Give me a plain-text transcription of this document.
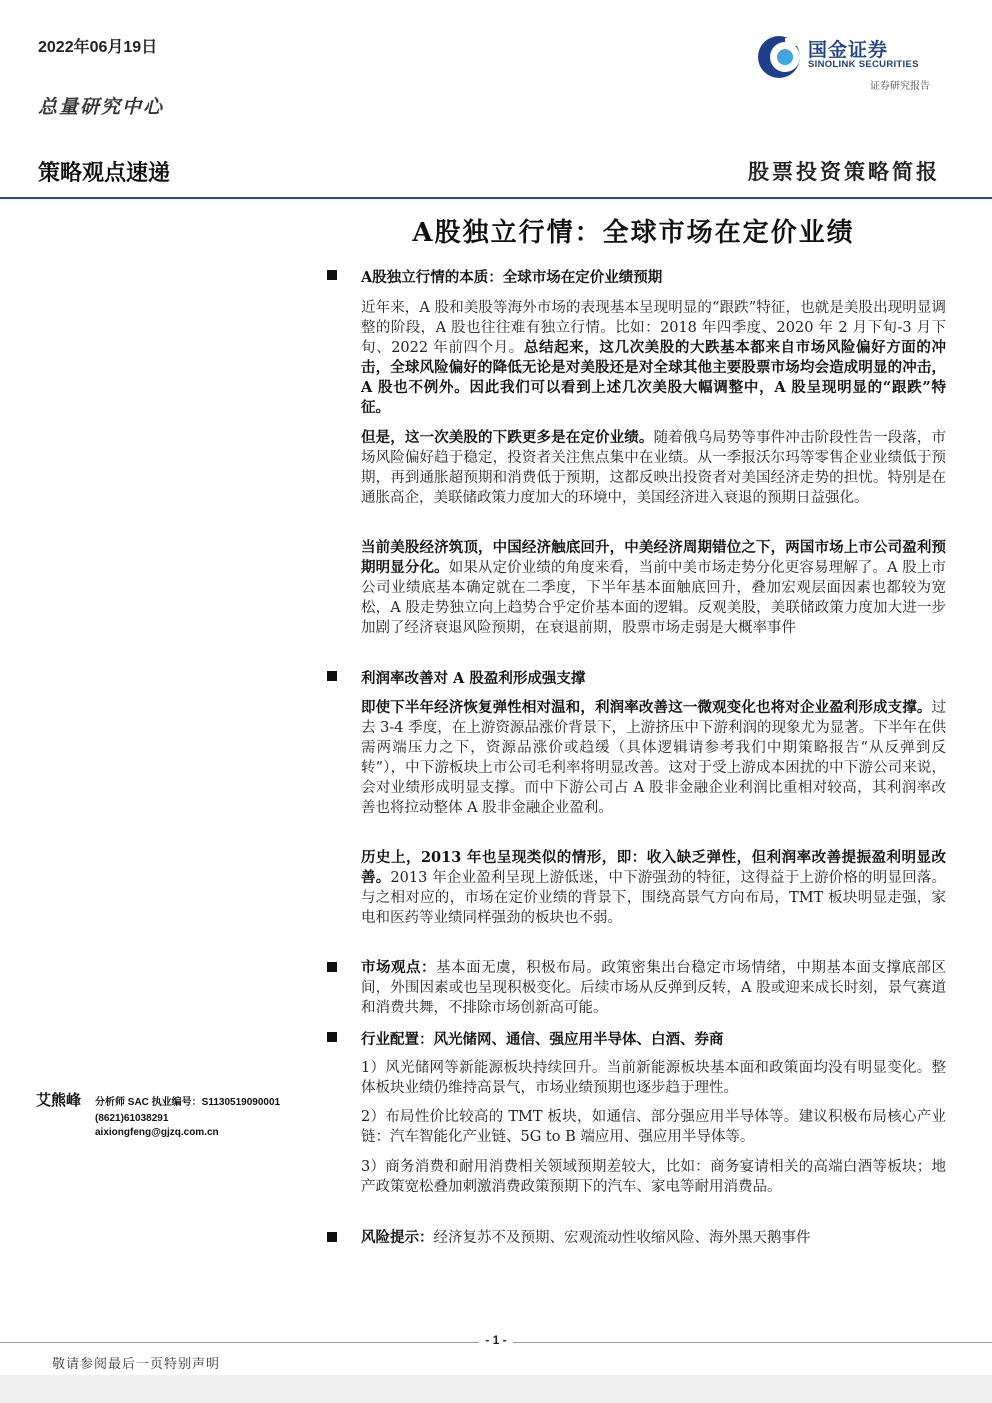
2022年06月19日
总量研究中心
国金证券
SINOLINK SECURITIES
证券研究报告
策略观点速递	股票投资策略简报
A股独立行情：全球市场在定价业绩
A股独立行情的本质：全球市场在定价业绩预期
近年来，A 股和美股等海外市场的表现基本呈现明显的“跟跌”特征，也就是美股出现明显调整的阶段，A 股也往往难有独立行情。比如：2018 年四季度、2020 年 2 月下旬-3 月下旬、2022 年前四个月。总结起来，这几次美股的大跌基本都来自市场风险偏好方面的冲击，全球风险偏好的降低无论是对美股还是对全球其他主要股票市场均会造成明显的冲击，A 股也不例外。因此我们可以看到上述几次美股大幅调整中，A 股呈现明显的“跟跌”特征。
但是，这一次美股的下跌更多是在定价业绩。随着俄乌局势等事件冲击阶段性告一段落，市场风险偏好趋于稳定，投资者关注焦点集中在业绩。从一季报沃尔玛等零售企业业绩低于预期，再到通胀超预期和消费低于预期，这都反映出投资者对美国经济走势的担忧。特别是在通胀高企，美联储政策力度加大的环境中，美国经济进入衰退的预期日益强化。
当前美股经济筑顶，中国经济触底回升，中美经济周期错位之下，两国市场上市公司盈利预期明显分化。如果从定价业绩的角度来看，当前中美市场走势分化更容易理解了。A 股上市公司业绩底基本确定就在二季度，下半年基本面触底回升，叠加宏观层面因素也都较为宽松，A 股走势独立向上趋势合乎定价基本面的逻辑。反观美股，美联储政策力度加大进一步加剧了经济衰退风险预期，在衰退前期，股票市场走弱是大概率事件
利润率改善对 A 股盈利形成强支撑
即使下半年经济恢复弹性相对温和，利润率改善这一微观变化也将对企业盈利形成支撑。过去 3-4 季度，在上游资源品涨价背景下，上游挤压中下游利润的现象尤为显著。下半年在供需两端压力之下，资源品涨价或趋缓（具体逻辑请参考我们中期策略报告“从反弹到反转”），中下游板块上市公司毛利率将明显改善。这对于受上游成本困扰的中下游公司来说，会对业绩形成明显支撑。而中下游公司占 A 股非金融企业利润比重相对较高，其利润率改善也将拉动整体 A 股非金融企业盈利。
历史上，2013 年也呈现类似的情形，即：收入缺乏弹性，但利润率改善提振盈利明显改善。2013 年企业盈利呈现上游低迷，中下游强劲的特征，这得益于上游价格的明显回落。与之相对应的，市场在定价业绩的背景下，围绕高景气方向布局，TMT 板块明显走强，家电和医药等业绩同样强劲的板块也不弱。
市场观点：基本面无虞，积极布局。政策密集出台稳定市场情绪，中期基本面支撑底部区间，外围因素或也呈现积极变化。后续市场从反弹到反转，A 股或迎来成长时刻，景气赛道和消费共舞，不排除市场创新高可能。
行业配置：风光储网、通信、强应用半导体、白酒、券商
1）风光储网等新能源板块持续回升。当前新能源板块基本面和政策面均没有明显变化。整体板块业绩仍维持高景气，市场业绩预期也逐步趋于理性。
2）布局性价比较高的 TMT 板块，如通信、部分强应用半导体等。建议积极布局核心产业链：汽车智能化产业链、5G to B 端应用、强应用半导体等。
3）商务消费和耐用消费相关领域预期差较大，比如：商务宴请相关的高端白酒等板块；地产政策宽松叠加刺激消费政策预期下的汽车、家电等耐用消费品。
风险提示：经济复苏不及预期、宏观流动性收缩风险、海外黑天鹅事件
艾熊峰 分析师 SAC 执业编号：S1130519090001
(8621)61038291
aixiongfeng@gjzq.com.cn
- 1 -
敬请参阅最后一页特别声明
